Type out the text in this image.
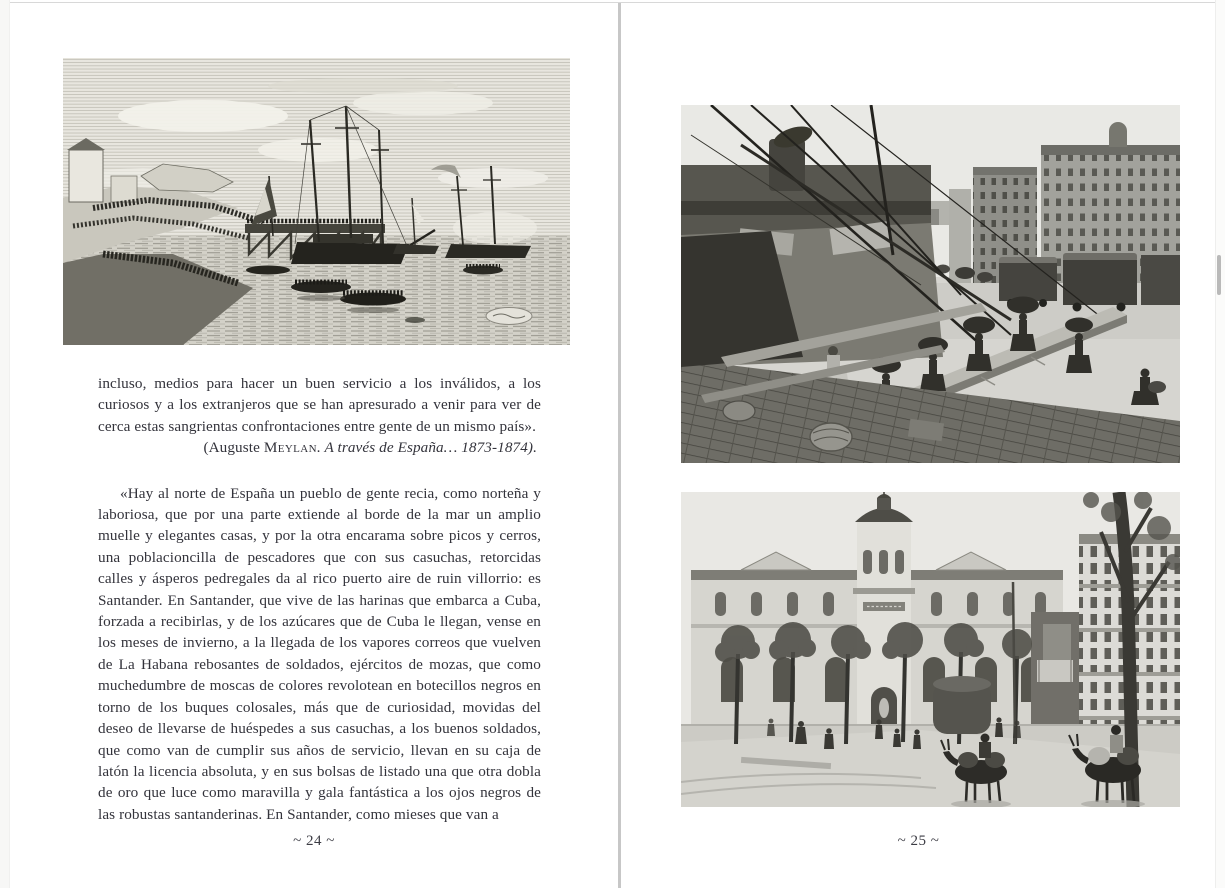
incluso, medios para hacer un buen servicio a los inválidos, a los curiosos y a los extranjeros que se han apresurado a venir para ver de cerca estas sangrientas confrontaciones entre gente de un mismo país».

(Auguste Meylan. A través de España… 1873-1874).

«Hay al norte de España un pueblo de gente recia, como norteña y laboriosa, que por una parte extiende al borde de la mar un amplio muelle y elegantes casas, y por la otra encarama sobre picos y cerros, una poblacioncilla de pescadores que con sus casuchas, retorcidas calles y ásperos pedregales da al rico puerto aire de ruin villorrio: es Santander. En Santander, que vive de las harinas que embarca a Cuba, forzada a recibirlas, y de los azúcares que de Cuba le llegan, vense en los meses de invierno, a la llegada de los vapores correos que vuelven de La Habana rebosantes de soldados, ejércitos de mozas, que como muchedumbre de moscas de colores revolotean en botecillos negros en torno de los buques colosales, más que de curiosidad, movidas del deseo de llevarse de huéspedes a sus casuchas, a los buenos soldados, que como van de cumplir sus años de servicio, llevan en su caja de latón la licencia absoluta, y en sus bolsas de listado una que otra dobla de oro que luce como maravilla y gala fantástica a los ojos negros de las robustas santanderinas. En Santander, como mieses que van a

~ 24 ~	~ 25 ~
